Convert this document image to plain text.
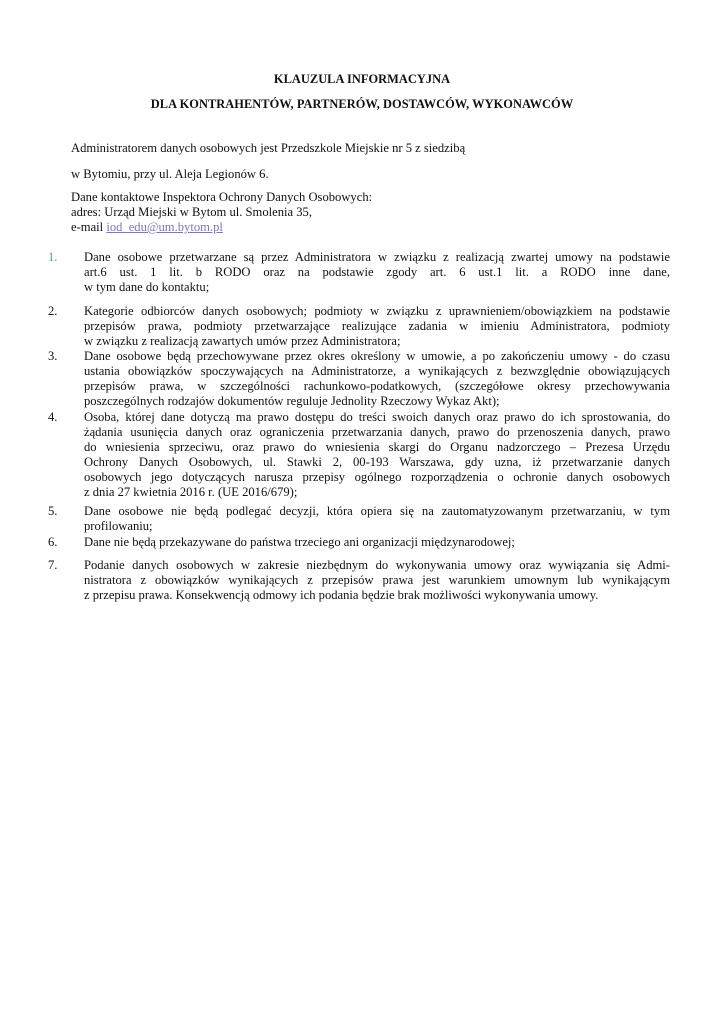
KLAUZULA INFORMACYJNA
DLA KONTRAHENTÓW, PARTNERÓW, DOSTAWCÓW, WYKONAWCÓW
Administratorem danych osobowych jest Przedszkole Miejskie nr 5 z siedzibą
w Bytomiu, przy ul. Aleja Legionów 6.
Dane kontaktowe Inspektora Ochrony Danych Osobowych:
adres: Urząd Miejski w Bytom ul. Smolenia 35,
e-mail iod_edu@um.bytom.pl
1.	Dane osobowe przetwarzane są przez Administratora w związku z realizacją zwartej umowy na podstawie
art.6 ust. 1 lit. b RODO oraz na podstawie zgody art. 6 ust.1 lit. a RODO inne dane,
w tym dane do kontaktu;
2.	Kategorie odbiorców danych osobowych; podmioty w związku z uprawnieniem/obowiązkiem na podstawie
przepisów prawa, podmioty przetwarzające realizujące zadania w imieniu Administratora, podmioty
w związku z realizacją zawartych umów przez Administratora;
3.	Dane osobowe będą przechowywane przez okres określony w umowie, a po zakończeniu umowy - do czasu
ustania obowiązków spoczywających na Administratorze, a wynikających z bezwzględnie obowiązujących
przepisów prawa, w szczególności rachunkowo-podatkowych, (szczegółowe okresy przechowywania
poszczególnych rodzajów dokumentów reguluje Jednolity Rzeczowy Wykaz Akt);
4.	Osoba, której dane dotyczą ma prawo dostępu do treści swoich danych oraz prawo do ich sprostowania, do
żądania usunięcia danych oraz ograniczenia przetwarzania danych, prawo do przenoszenia danych, prawo
do wniesienia sprzeciwu, oraz prawo do wniesienia skargi do Organu nadzorczego – Prezesa Urzędu
Ochrony Danych Osobowych, ul. Stawki 2, 00-193 Warszawa, gdy uzna, iż przetwarzanie danych
osobowych jego dotyczących narusza przepisy ogólnego rozporządzenia o ochronie danych osobowych
z dnia 27 kwietnia 2016 r. (UE 2016/679);
5.	Dane osobowe nie będą podlegać decyzji, która opiera się na zautomatyzowanym przetwarzaniu, w tym
profilowaniu;
6.	Dane nie będą przekazywane do państwa trzeciego ani organizacji międzynarodowej;
7.	Podanie danych osobowych w zakresie niezbędnym do wykonywania umowy oraz wywiązania się Admi-
nistratora z obowiązków wynikających z przepisów prawa jest warunkiem umownym lub wynikającym
z przepisu prawa. Konsekwencją odmowy ich podania będzie brak możliwości wykonywania umowy.
